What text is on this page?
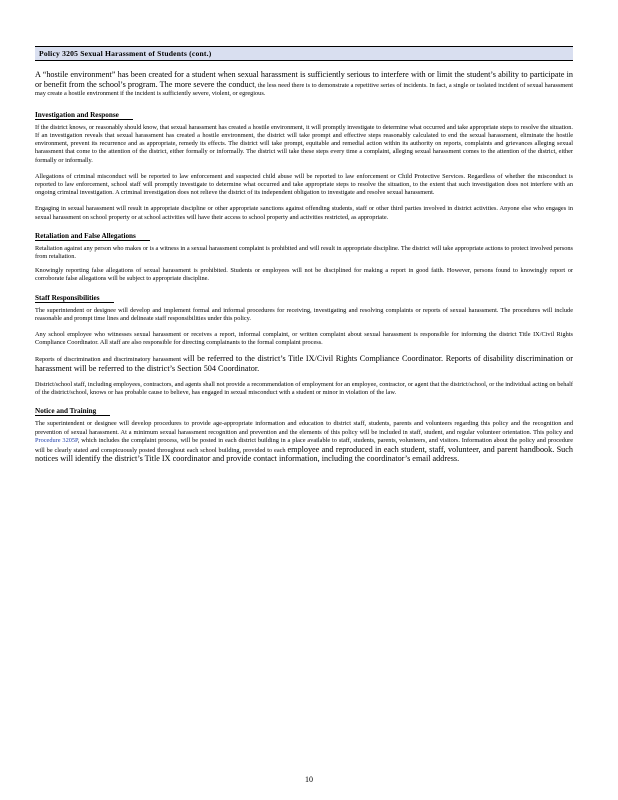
Policy 3205 Sexual Harassment of Students (cont.)

A “hostile environment” has been created for a student when sexual harassment is sufficiently serious to interfere with or limit the student’s ability to participate in or benefit from the school’s program. The more severe the conduct, the less need there is to demonstrate a repetitive series of incidents. In fact, a single or isolated incident of sexual harassment may create a hostile environment if the incident is sufficiently severe, violent, or egregious.

Investigation and Response

If the district knows, or reasonably should know, that sexual harassment has created a hostile environment, it will promptly investigate to determine what occurred and take appropriate steps to resolve the situation. If an investigation reveals that sexual harassment has created a hostile environment, the district will take prompt and effective steps reasonably calculated to end the sexual harassment, eliminate the hostile environment, prevent its recurrence and as appropriate, remedy its effects. The district will take prompt, equitable and remedial action within its authority on reports, complaints and grievances alleging sexual harassment that come to the attention of the district, either formally or informally. The district will take these steps every time a complaint, alleging sexual harassment comes to the attention of the district, either formally or informally.

Allegations of criminal misconduct will be reported to law enforcement and suspected child abuse will be reported to law enforcement or Child Protective Services. Regardless of whether the misconduct is reported to law enforcement, school staff will promptly investigate to determine what occurred and take appropriate steps to resolve the situation, to the extent that such investigation does not interfere with an ongoing criminal investigation. A criminal investigation does not relieve the district of its independent obligation to investigate and resolve sexual harassment.

Engaging in sexual harassment will result in appropriate discipline or other appropriate sanctions against offending students, staff or other third parties involved in district activities. Anyone else who engages in sexual harassment on school property or at school activities will have their access to school property and activities restricted, as appropriate.

Retaliation and False Allegations

Retaliation against any person who makes or is a witness in a sexual harassment complaint is prohibited and will result in appropriate discipline. The district will take appropriate actions to protect involved persons from retaliation.

Knowingly reporting false allegations of sexual harassment is prohibited. Students or employees will not be disciplined for making a report in good faith. However, persons found to knowingly report or corroborate false allegations will be subject to appropriate discipline.

Staff Responsibilities

The superintendent or designee will develop and implement formal and informal procedures for receiving, investigating and resolving complaints or reports of sexual harassment. The procedures will include reasonable and prompt time lines and delineate staff responsibilities under this policy.

Any school employee who witnesses sexual harassment or receives a report, informal complaint, or written complaint about sexual harassment is responsible for informing the district Title IX/Civil Rights Compliance Coordinator. All staff are also responsible for directing complainants to the formal complaint process.

Reports of discrimination and discriminatory harassment will be referred to the district’s Title IX/Civil Rights Compliance Coordinator. Reports of disability discrimination or harassment will be referred to the district’s Section 504 Coordinator.

District/school staff, including employees, contractors, and agents shall not provide a recommendation of employment for an employee, contractor, or agent that the district/school, or the individual acting on behalf of the district/school, knows or has probable cause to believe, has engaged in sexual misconduct with a student or minor in violation of the law.

Notice and Training

The superintendent or designee will develop procedures to provide age-appropriate information and education to district staff, students, parents and volunteers regarding this policy and the recognition and prevention of sexual harassment. At a minimum sexual harassment recognition and prevention and the elements of this policy will be included in staff, student, and regular volunteer orientation. This policy and Procedure 3205P, which includes the complaint process, will be posted in each district building in a place available to staff, students, parents, volunteers, and visitors. Information about the policy and procedure will be clearly stated and conspicuously posted throughout each school building, provided to each employee and reproduced in each student, staff, volunteer, and parent handbook. Such notices will identify the district’s Title IX coordinator and provide contact information, including the coordinator’s email address.

10
